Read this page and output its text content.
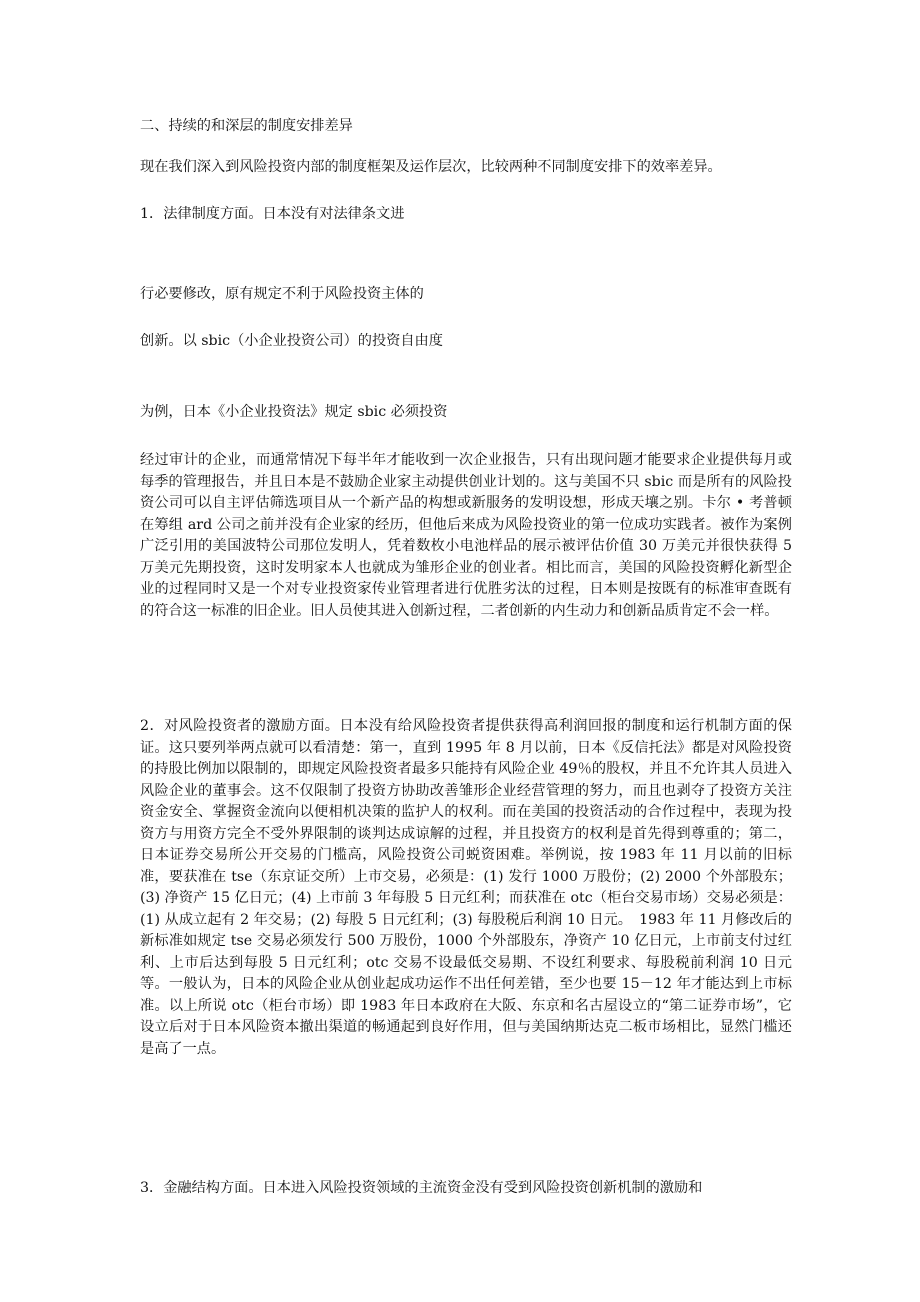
二、持续的和深层的制度安排差异
现在我们深入到风险投资内部的制度框架及运作层次，比较两种不同制度安排下的效率差异。
1．法律制度方面。日本没有对法律条文进
行必要修改，原有规定不利于风险投资主体的
创新。以 sbic（小企业投资公司）的投资自由度
为例，日本《小企业投资法》规定 sbic 必须投资
经过审计的企业，而通常情况下每半年才能收到一次企业报告，只有出现问题才能要求企业提供每月或每季的管理报告，并且日本是不鼓励企业家主动提供创业计划的。这与美国不只 sbic 而是所有的风险投资公司可以自主评估筛选项目从一个新产品的构想或新服务的发明设想，形成天壤之别。卡尔 • 考普顿在筹组 ard 公司之前并没有企业家的经历，但他后来成为风险投资业的第一位成功实践者。被作为案例广泛引用的美国波特公司那位发明人，凭着数枚小电池样品的展示被评估价值 30 万美元并很快获得 5 万美元先期投资，这时发明家本人也就成为雏形企业的创业者。相比而言，美国的风险投资孵化新型企业的过程同时又是一个对专业投资家传业管理者进行优胜劣汰的过程，日本则是按既有的标准审查既有的符合这一标准的旧企业。旧人员使其进入创新过程，二者创新的内生动力和创新品质肯定不会一样。
2．对风险投资者的激励方面。日本没有给风险投资者提供获得高利润回报的制度和运行机制方面的保证。这只要列举两点就可以看清楚：第一，直到 1995 年 8 月以前，日本《反信托法》都是对风险投资的持股比例加以限制的，即规定风险投资者最多只能持有风险企业 49％的股权，并且不允许其人员进入风险企业的董事会。这不仅限制了投资方协助改善雏形企业经营管理的努力，而且也剥夺了投资方关注资金安全、掌握资金流向以便相机决策的监护人的权利。而在美国的投资活动的合作过程中，表现为投资方与用资方完全不受外界限制的谈判达成谅解的过程，并且投资方的权利是首先得到尊重的；第二，日本证券交易所公开交易的门槛高，风险投资公司蜕资困难。举例说，按 1983 年 11 月以前的旧标准，要获准在 tse（东京证交所）上市交易，必须是：(1) 发行 1000 万股份；(2) 2000 个外部股东；(3) 净资产 15 亿日元；(4) 上市前 3 年每股 5 日元红利；而获准在 otc（柜台交易市场）交易必须是：(1) 从成立起有 2 年交易；(2) 每股 5 日元红利；(3) 每股税后利润 10 日元。　1983 年 11 月修改后的新标准如规定 tse 交易必须发行 500 万股份，1000 个外部股东，净资产 10 亿日元，上市前支付过红利、上市后达到每股 5 日元红利；otc 交易不设最低交易期、不设红利要求、每股税前利润 10 日元等。一般认为，日本的风险企业从创业起成功运作不出任何差错，至少也要 15－12 年才能达到上市标准。以上所说 otc（柜台市场）即 1983 年日本政府在大阪、东京和名古屋设立的“第二证券市场”，它设立后对于日本风险资本撤出渠道的畅通起到良好作用，但与美国纳斯达克二板市场相比，显然门槛还是高了一点。
3．金融结构方面。日本进入风险投资领域的主流资金没有受到风险投资创新机制的激励和
